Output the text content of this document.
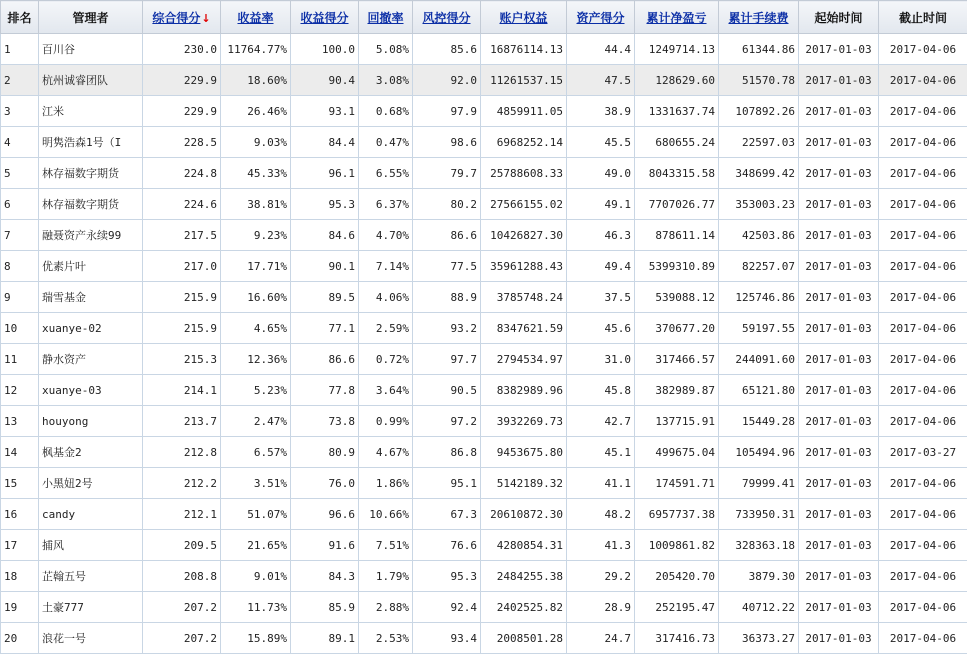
排名	管理者	综合得分↓	收益率	收益得分	回撤率	风控得分	账户权益	资产得分	累计净盈亏	累计手续费	起始时间	截止时间
1	百川谷	230.0	11764.77%	100.0	5.08%	85.6	16876114.13	44.4	1249714.13	61344.86	2017-01-03	2017-04-06
2	杭州诚睿团队	229.9	18.60%	90.4	3.08%	92.0	11261537.15	47.5	128629.60	51570.78	2017-01-03	2017-04-06
3	江米	229.9	26.46%	93.1	0.68%	97.9	4859911.05	38.9	1331637.74	107892.26	2017-01-03	2017-04-06
4	明隽浩森1号（I	228.5	9.03%	84.4	0.47%	98.6	6968252.14	45.5	680655.24	22597.03	2017-01-03	2017-04-06
5	林存福数字期货	224.8	45.33%	96.1	6.55%	79.7	25788608.33	49.0	8043315.58	348699.42	2017-01-03	2017-04-06
6	林存福数字期货	224.6	38.81%	95.3	6.37%	80.2	27566155.02	49.1	7707026.77	353003.23	2017-01-03	2017-04-06
7	融聂资产永续99	217.5	9.23%	84.6	4.70%	86.6	10426827.30	46.3	878611.14	42503.86	2017-01-03	2017-04-06
8	优素片叶	217.0	17.71%	90.1	7.14%	77.5	35961288.43	49.4	5399310.89	82257.07	2017-01-03	2017-04-06
9	瑞雪基金	215.9	16.60%	89.5	4.06%	88.9	3785748.24	37.5	539088.12	125746.86	2017-01-03	2017-04-06
10	xuanye-02	215.9	4.65%	77.1	2.59%	93.2	8347621.59	45.6	370677.20	59197.55	2017-01-03	2017-04-06
11	静水资产	215.3	12.36%	86.6	0.72%	97.7	2794534.97	31.0	317466.57	244091.60	2017-01-03	2017-04-06
12	xuanye-03	214.1	5.23%	77.8	3.64%	90.5	8382989.96	45.8	382989.87	65121.80	2017-01-03	2017-04-06
13	houyong	213.7	2.47%	73.8	0.99%	97.2	3932269.73	42.7	137715.91	15449.28	2017-01-03	2017-04-06
14	枫基金2	212.8	6.57%	80.9	4.67%	86.8	9453675.80	45.1	499675.04	105494.96	2017-01-03	2017-03-27
15	小黑妞2号	212.2	3.51%	76.0	1.86%	95.1	5142189.32	41.1	174591.71	79999.41	2017-01-03	2017-04-06
16	candy	212.1	51.07%	96.6	10.66%	67.3	20610872.30	48.2	6957737.38	733950.31	2017-01-03	2017-04-06
17	捕风	209.5	21.65%	91.6	7.51%	76.6	4280854.31	41.3	1009861.82	328363.18	2017-01-03	2017-04-06
18	芷翰五号	208.8	9.01%	84.3	1.79%	95.3	2484255.38	29.2	205420.70	3879.30	2017-01-03	2017-04-06
19	土豪777	207.2	11.73%	85.9	2.88%	92.4	2402525.82	28.9	252195.47	40712.22	2017-01-03	2017-04-06
20	浪花一号	207.2	15.89%	89.1	2.53%	93.4	2008501.28	24.7	317416.73	36373.27	2017-01-03	2017-04-06
